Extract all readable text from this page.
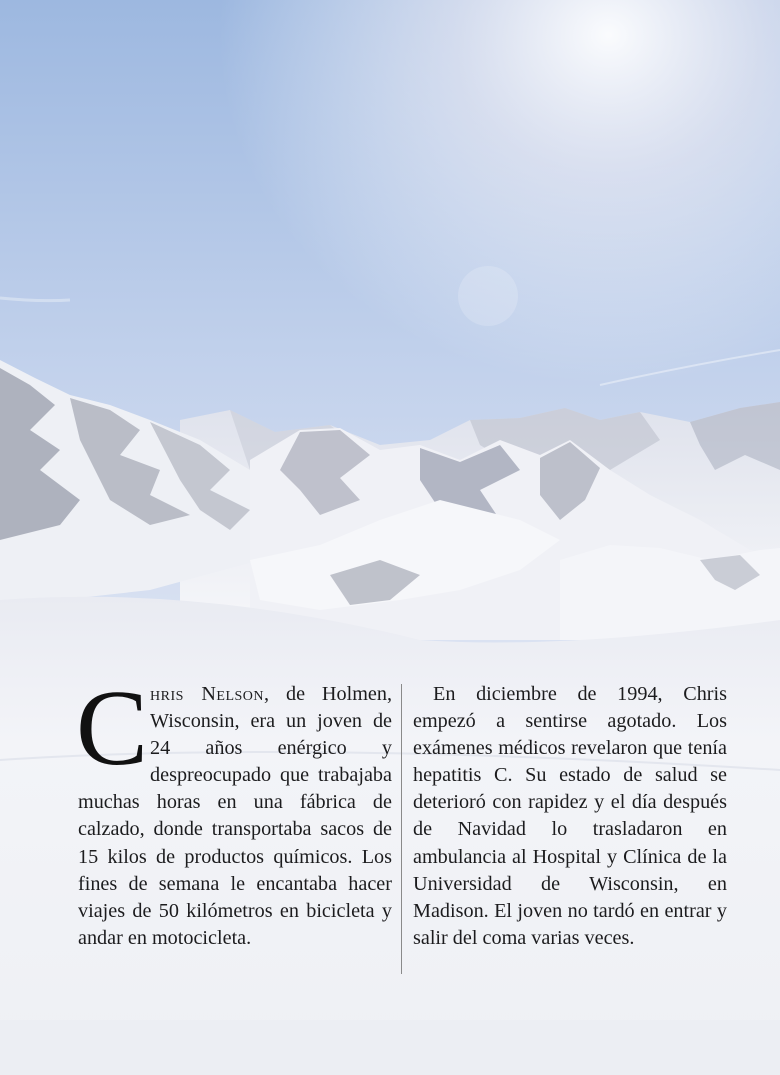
Chris Nelson, de Holmen, Wisconsin, era un joven de 24 años enérgico y despreocupado que trabajaba muchas horas en una fábrica de calzado, donde transportaba sacos de 15 kilos de productos químicos. Los fines de semana le encantaba hacer viajes de 50 kilómetros en bicicleta y andar en motocicleta.

En diciembre de 1994, Chris empezó a sentirse agotado. Los exámenes médicos revelaron que tenía hepatitis C. Su estado de salud se deterioró con rapidez y el día después de Navidad lo trasladaron en ambulancia al Hospital y Clínica de la Universidad de Wisconsin, en Madison. El joven no tardó en entrar y salir del coma varias veces.
